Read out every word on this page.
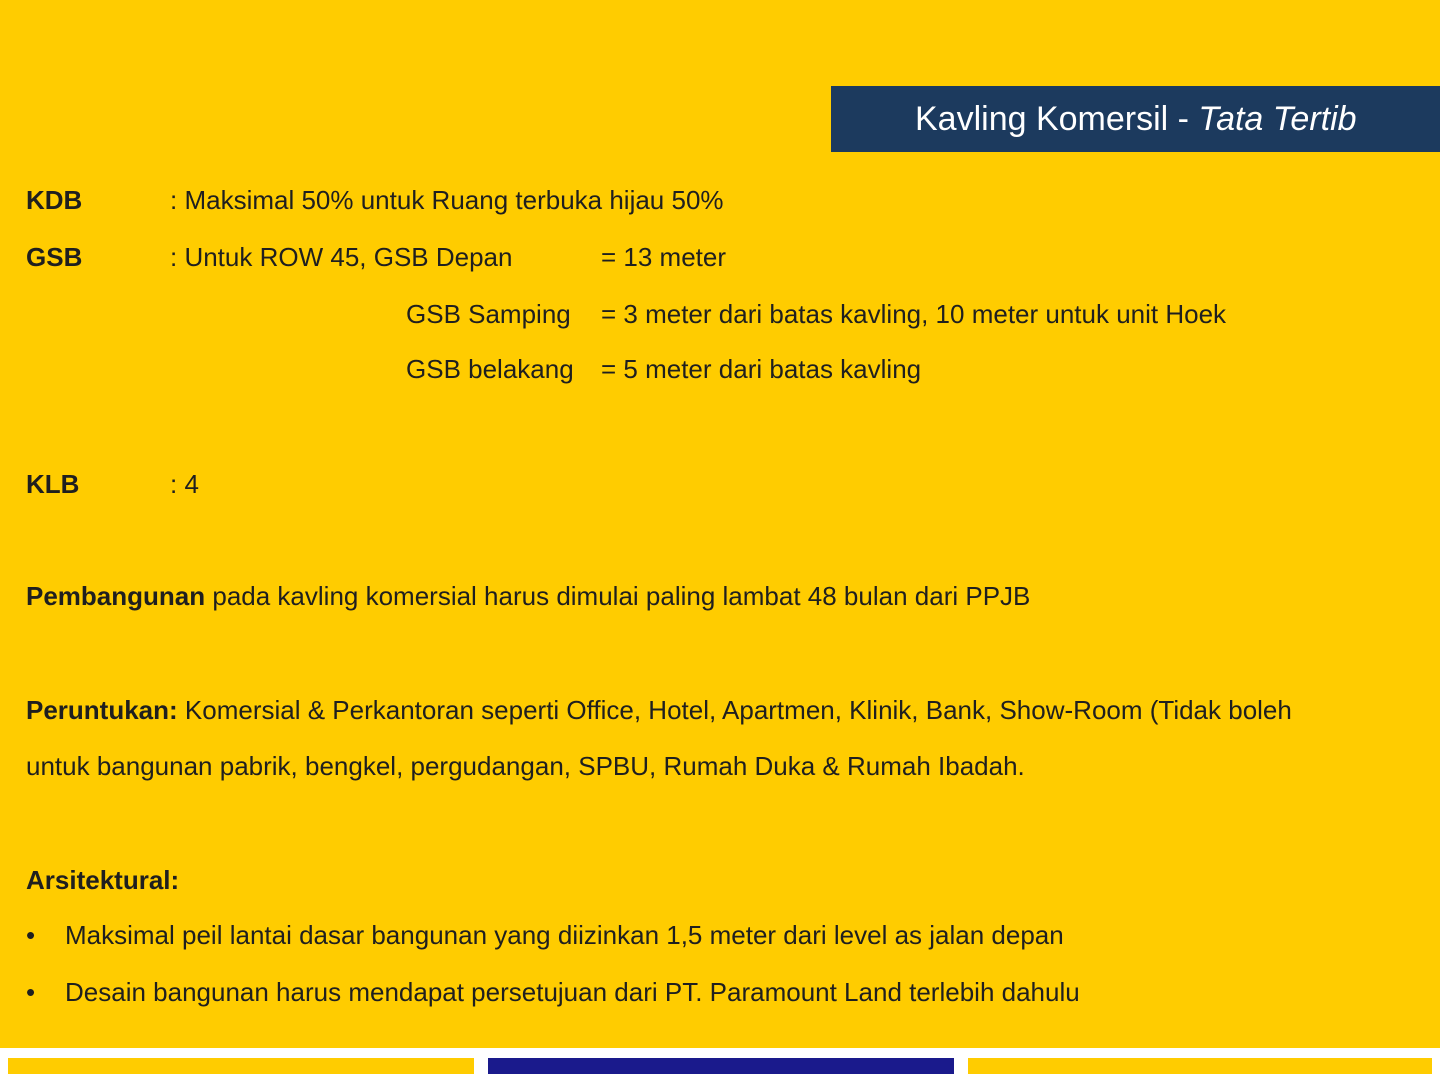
Kavling Komersil - Tata Tertib
KDB	: Maksimal 50% untuk Ruang terbuka hijau 50%
GSB	: Untuk ROW 45, GSB Depan	= 13 meter
GSB Samping = 3 meter dari batas kavling, 10 meter untuk unit Hoek
GSB belakang = 5 meter dari batas kavling
KLB	: 4
Pembangunan pada kavling komersial harus dimulai paling lambat 48 bulan dari PPJB
Peruntukan: Komersial & Perkantoran seperti Office, Hotel, Apartmen, Klinik, Bank, Show-Room (Tidak boleh
untuk bangunan pabrik, bengkel, pergudangan, SPBU, Rumah Duka & Rumah Ibadah.
Arsitektural:
• Maksimal peil lantai dasar bangunan yang diizinkan 1,5 meter dari level as jalan depan
• Desain bangunan harus mendapat persetujuan dari PT. Paramount Land terlebih dahulu
